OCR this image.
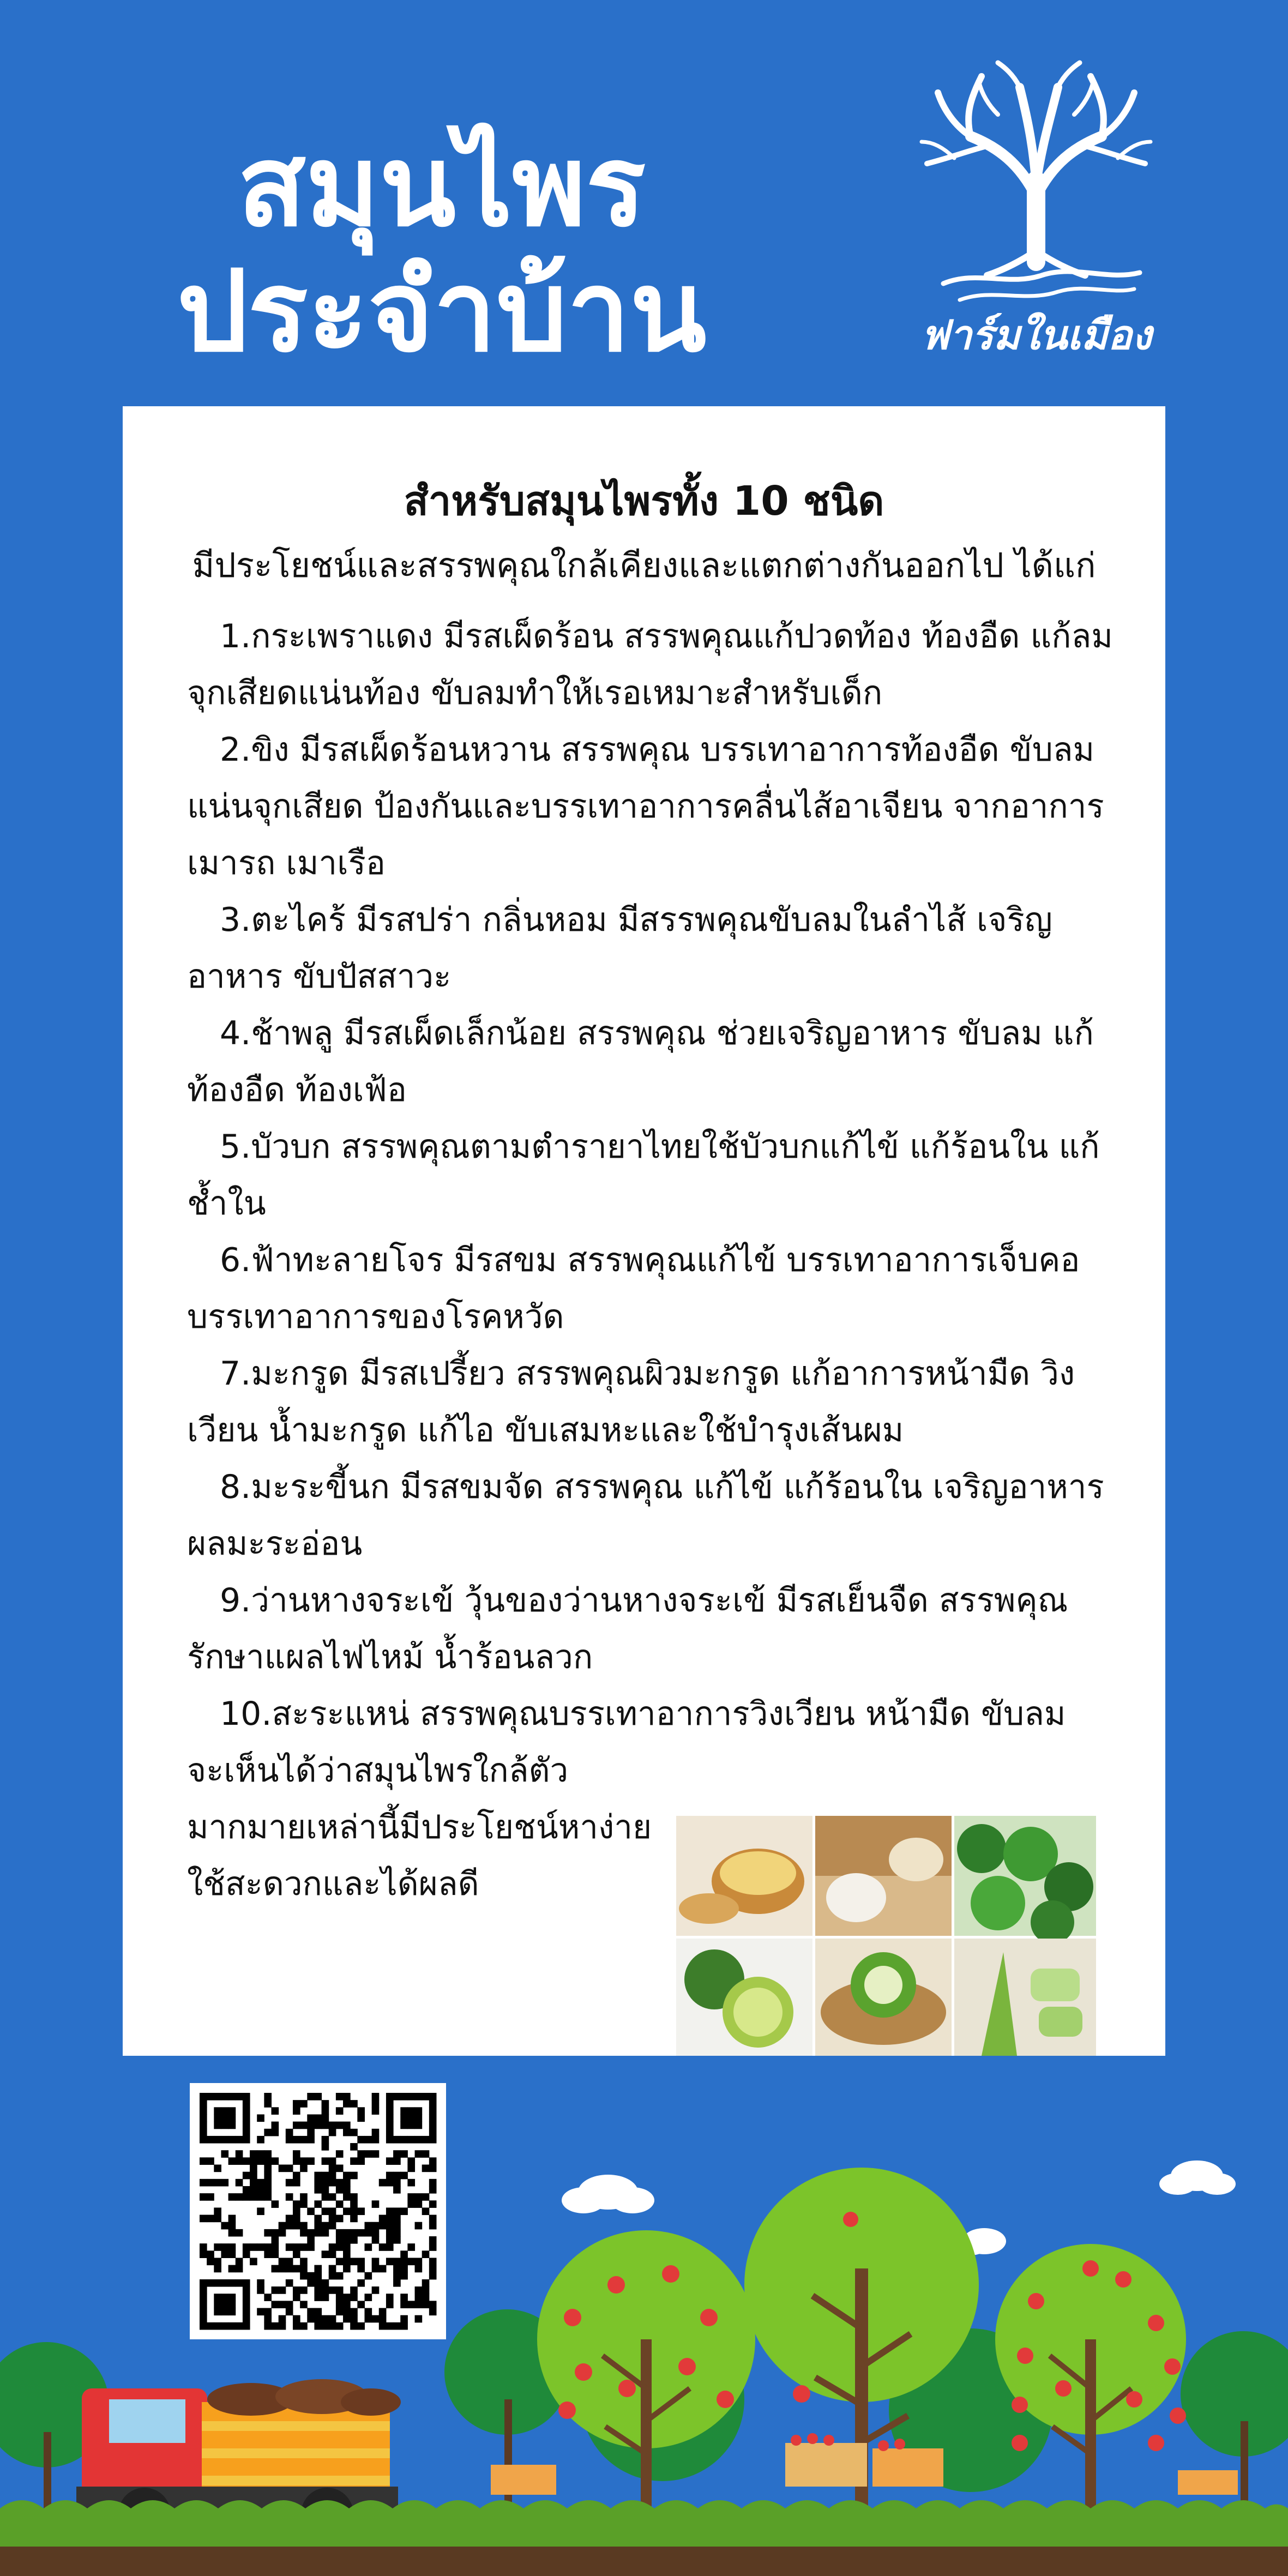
สมุนไพร
ประจำบ้าน	ฟาร์มในเมือง
สำหรับสมุนไพรทั้ง 10 ชนิด
มีประโยชน์และสรรพคุณใกล้เคียงและแตกต่างกันออกไป ได้แก่

1.กระเพราแดง มีรสเผ็ดร้อน สรรพคุณแก้ปวดท้อง ท้องอืด แก้ลมจุกเสียดแน่นท้อง ขับลมทำให้เรอเหมาะสำหรับเด็ก

2.ขิง มีรสเผ็ดร้อนหวาน สรรพคุณ บรรเทาอาการท้องอืด ขับลม แน่นจุกเสียด ป้องกันและบรรเทาอาการคลื่นไส้อาเจียน จากอาการเมารถ เมาเรือ

3.ตะไคร้ มีรสปร่า กลิ่นหอม มีสรรพคุณขับลมในลำไส้ เจริญอาหาร ขับปัสสาวะ

4.ช้าพลู มีรสเผ็ดเล็กน้อย สรรพคุณ ช่วยเจริญอาหาร ขับลม แก้ท้องอืด ท้องเฟ้อ

5.บัวบก สรรพคุณตามตำรายาไทยใช้บัวบกแก้ไข้ แก้ร้อนใน แก้ช้ำใน

6.ฟ้าทะลายโจร มีรสขม สรรพคุณแก้ไข้ บรรเทาอาการเจ็บคอ บรรเทาอาการของโรคหวัด

7.มะกรูด มีรสเปรี้ยว สรรพคุณผิวมะกรูด แก้อาการหน้ามืด วิงเวียน น้ำมะกรูด แก้ไอ ขับเสมหะและใช้บำรุงเส้นผม

8.มะระขี้นก มีรสขมจัด สรรพคุณ แก้ไข้ แก้ร้อนใน เจริญอาหาร ผลมะระอ่อน

9.ว่านหางจระเข้ วุ้นของว่านหางจระเข้ มีรสเย็นจืด สรรพคุณ รักษาแผลไฟไหม้ น้ำร้อนลวก

10.สะระแหน่ สรรพคุณบรรเทาอาการวิงเวียน หน้ามืด ขับลม

จะเห็นได้ว่าสมุนไพรใกล้ตัวมากมายเหล่านี้มีประโยชน์หาง่าย ใช้สะดวกและได้ผลดี
